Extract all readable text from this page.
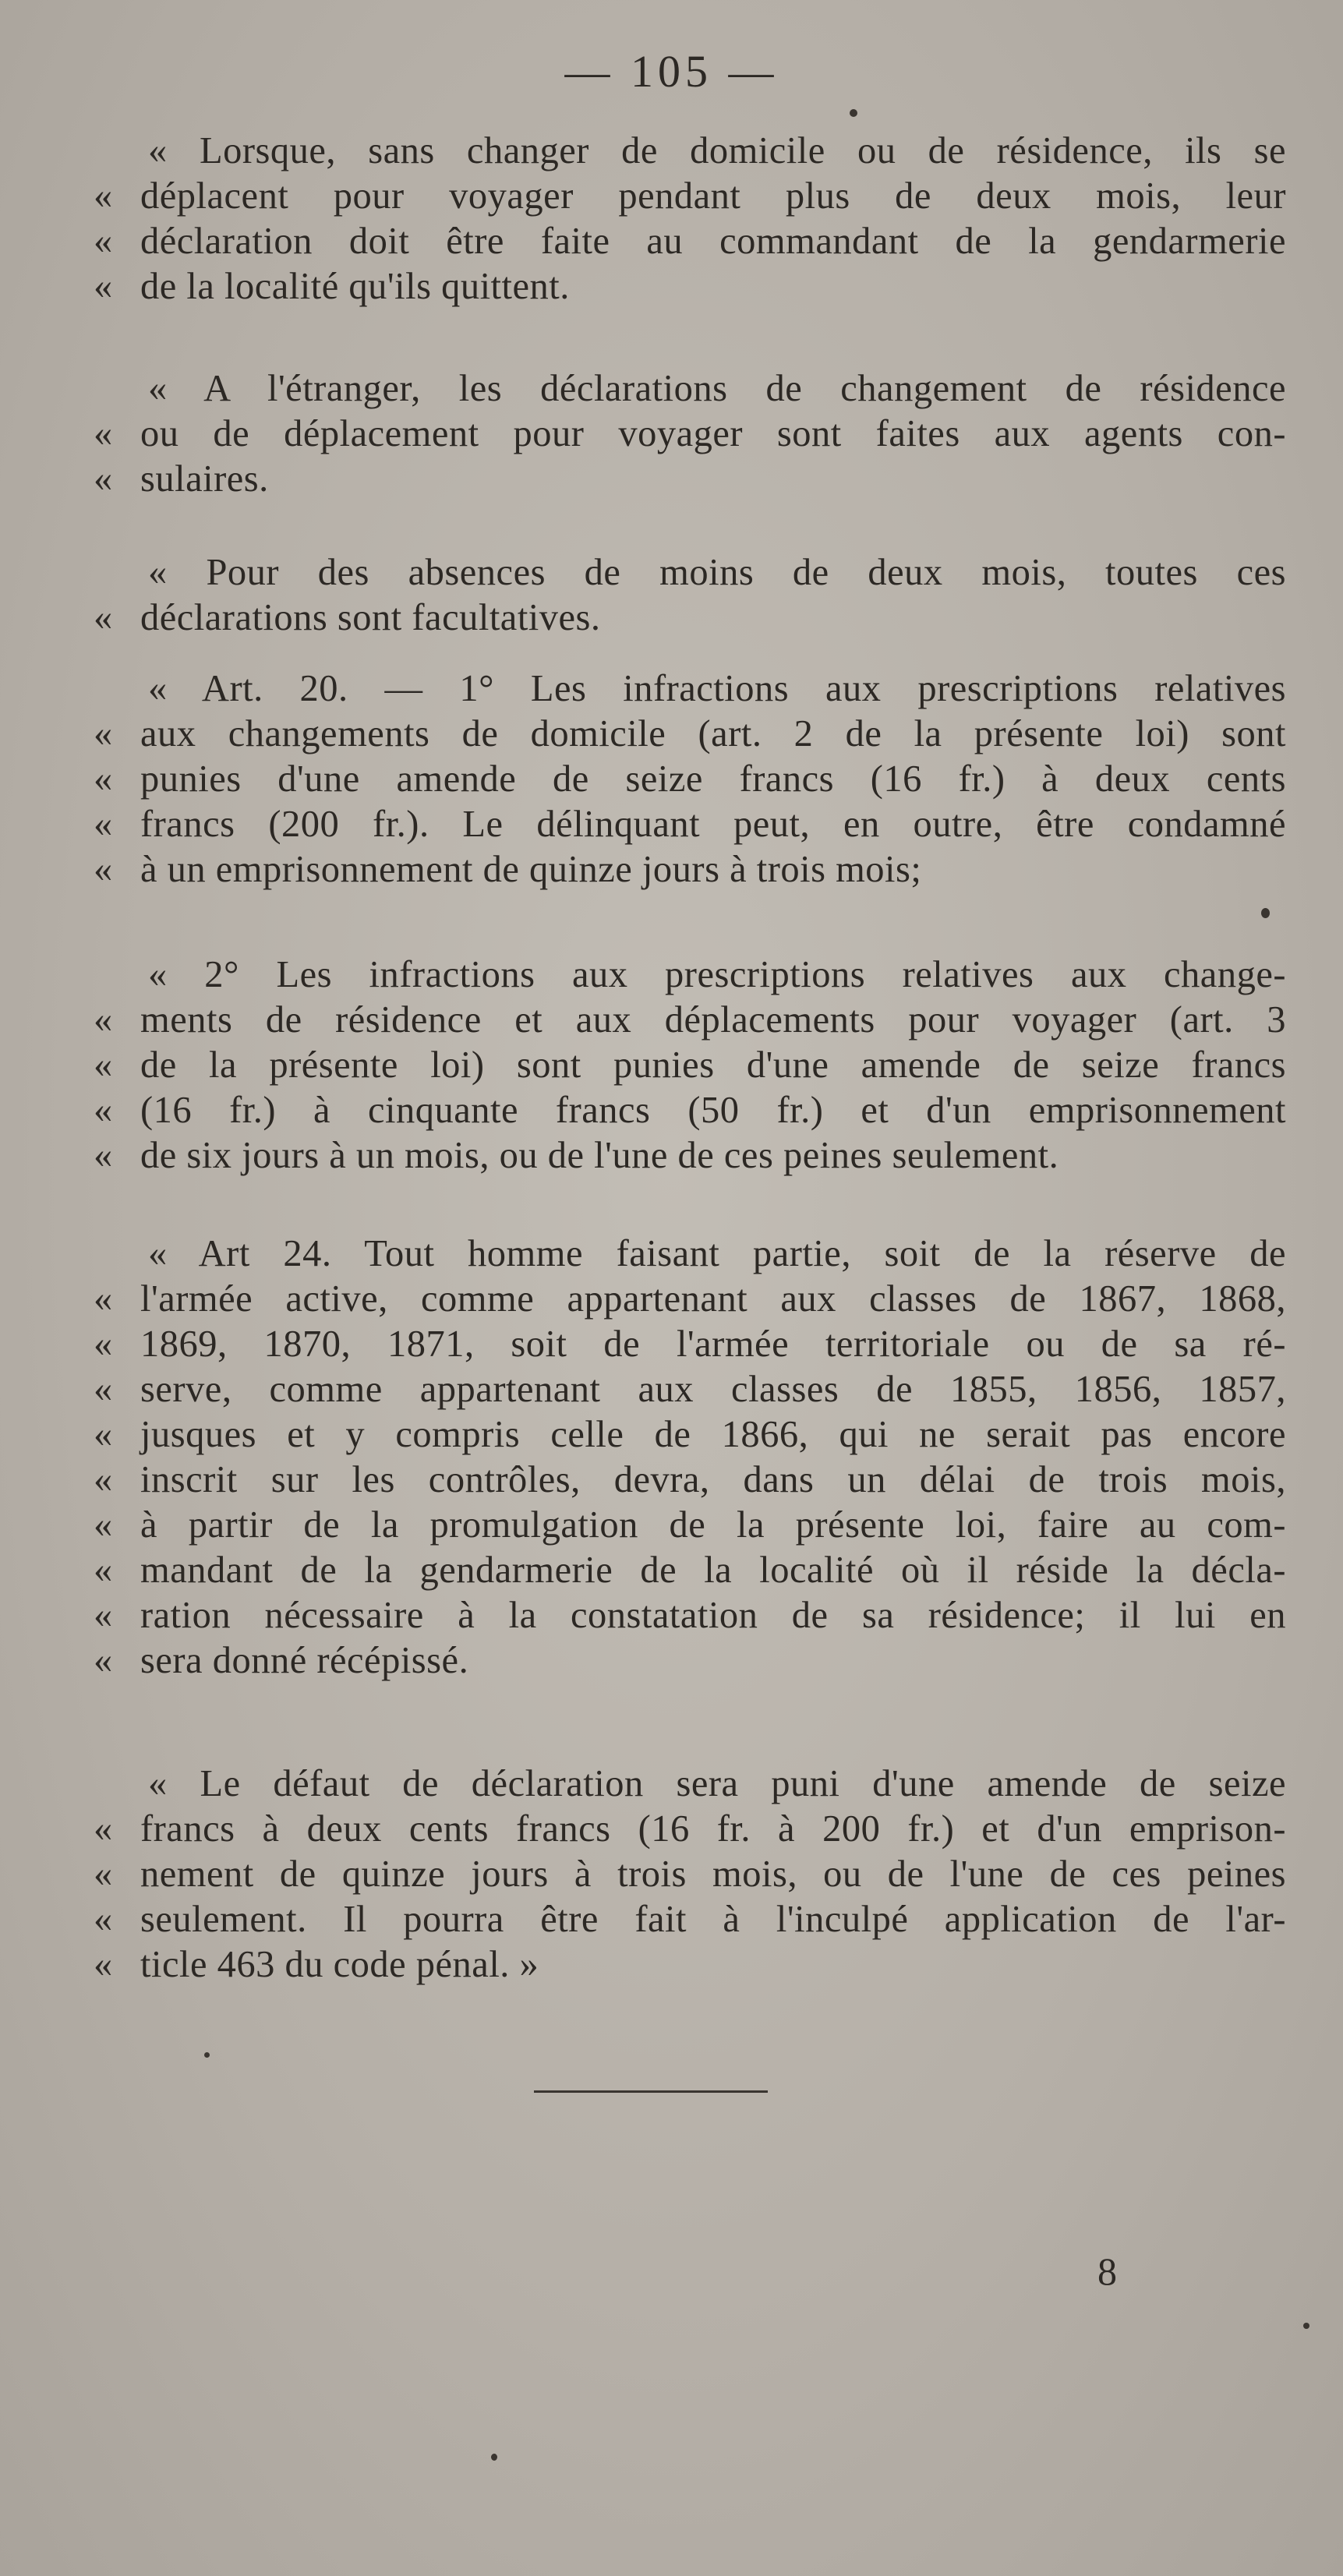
— 105 —
« Lorsque, sans changer de domicile ou de résidence, ils se
« déplacent pour voyager pendant plus de deux mois, leur
« déclaration doit être faite au commandant de la gendarmerie
« de la localité qu'ils quittent.
« A l'étranger, les déclarations de changement de résidence
« ou de déplacement pour voyager sont faites aux agents con-
« sulaires.
« Pour des absences de moins de deux mois, toutes ces
« déclarations sont facultatives.
« Art. 20. — 1° Les infractions aux prescriptions relatives
« aux changements de domicile (art. 2 de la présente loi) sont
« punies d'une amende de seize francs (16 fr.) à deux cents
« francs (200 fr.). Le délinquant peut, en outre, être condamné
« à un emprisonnement de quinze jours à trois mois;
« 2° Les infractions aux prescriptions relatives aux change-
« ments de résidence et aux déplacements pour voyager (art. 3
« de la présente loi) sont punies d'une amende de seize francs
« (16 fr.) à cinquante francs (50 fr.) et d'un emprisonnement
« de six jours à un mois, ou de l'une de ces peines seulement.
« Art 24. Tout homme faisant partie, soit de la réserve de
« l'armée active, comme appartenant aux classes de 1867, 1868,
« 1869, 1870, 1871, soit de l'armée territoriale ou de sa ré-
« serve, comme appartenant aux classes de 1855, 1856, 1857,
« jusques et y compris celle de 1866, qui ne serait pas encore
« inscrit sur les contrôles, devra, dans un délai de trois mois,
« à partir de la promulgation de la présente loi, faire au com-
« mandant de la gendarmerie de la localité où il réside la décla-
« ration nécessaire à la constatation de sa résidence; il lui en
« sera donné récépissé.
« Le défaut de déclaration sera puni d'une amende de seize
« francs à deux cents francs (16 fr. à 200 fr.) et d'un emprison-
« nement de quinze jours à trois mois, ou de l'une de ces peines
« seulement. Il pourra être fait à l'inculpé application de l'ar-
« ticle 463 du code pénal. »
8
